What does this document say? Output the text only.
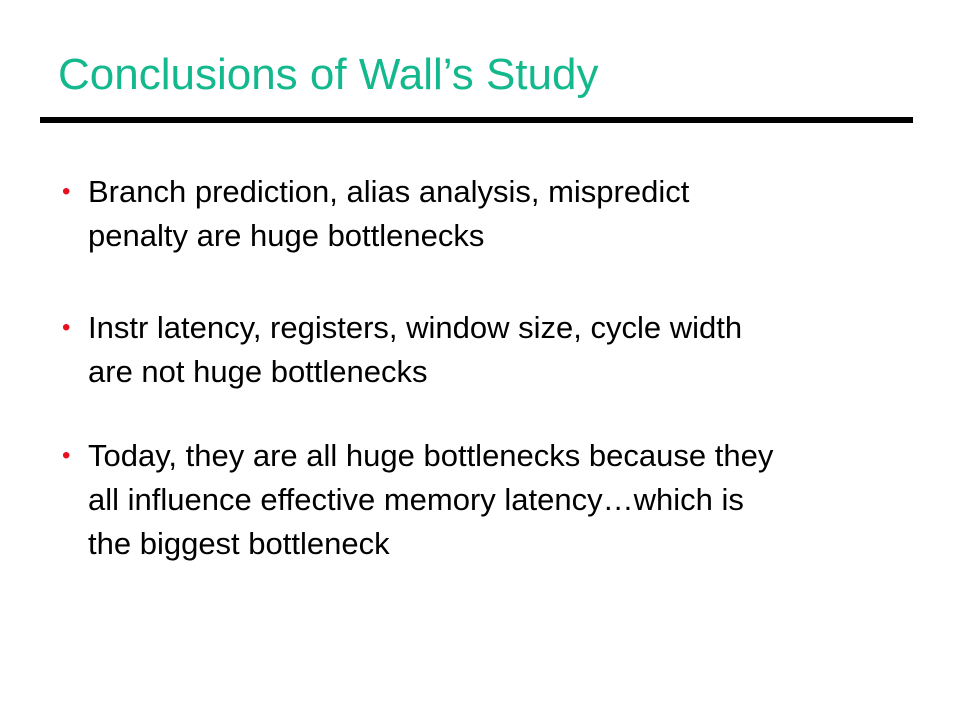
Conclusions of Wall’s Study
• Branch prediction, alias analysis, mispredict
penalty are huge bottlenecks
• Instr latency, registers, window size, cycle width
are not huge bottlenecks
• Today, they are all huge bottlenecks because they
all influence effective memory latency…which is
the biggest bottleneck
